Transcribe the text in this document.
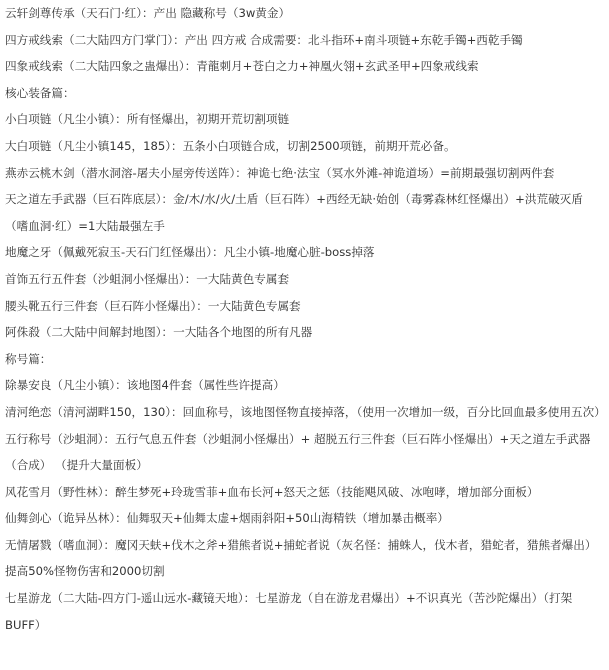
云轩剑尊传承（天石门·红）：产出 隐藏称号（3w黄金）
四方戒线索（二大陆四方门掌门）：产出 四方戒 合成需要：北斗指环+南斗项链+东乾手镯+西乾手镯
四象戒线索（二大陆四象之蛊爆出）：青龍刺月+苍白之力+神凰火翎+玄武圣甲+四象戒线索
核心装备篇：
小白项链（凡尘小镇）：所有怪爆出，初期开荒切割项链
大白项链（凡尘小镇145，185）：五条小白项链合成，切割2500项链，前期开荒必备。
燕赤云桃木剑（潜水洞溶-屠夫小屋旁传送阵）：神诡七绝·法宝（冥水外滩-神诡道场）=前期最强切割两件套
天之道左手武器（巨石阵底层）：金/木/水/火/土盾（巨石阵）+西经无缺·始创（毒雾森林红怪爆出）+洪荒破灭盾（嗜血洞·红）=1大陆最强左手
地魔之牙（佩戴死寂玉-天石门红怪爆出）：凡尘小镇-地魔心脏-boss掉落
首饰五行五件套（沙蛆洞小怪爆出）：一大陆黄色专属套
腰头靴五行三件套（巨石阵小怪爆出）：一大陆黄色专属套
阿侏殺（二大陆中间解封地图）：一大陆各个地图的所有凡器
称号篇：
除暴安良（凡尘小镇）：该地图4件套（属性些许提高）
清河绝恋（清河湖畔150，130）：回血称号，该地图怪物直接掉落，（使用一次增加一级，百分比回血最多使用五次）
五行称号（沙蛆洞）：五行气息五件套（沙蛆洞小怪爆出）+ 超脱五行三件套（巨石阵小怪爆出）+天之道左手武器（合成） （提升大量面板）
风花雪月（野性林）：醉生梦死+玲珑雪菲+血布长河+怒天之惩（技能飓风破、冰咆哮，增加部分面板）
仙舞剑心（诡异丛林）：仙舞驭天+仙舞太虚+烟雨斜阳+50山海精铁（增加暴击概率）
无情屠戮（嗜血洞）：魔冈天蚨+伐木之斧+猎熊者说+捕蛇者说（灰名怪：捕蛛人，伐木者，猎蛇者，猎熊者爆出）提高50%怪物伤害和2000切割
七星游龙（二大陆-四方门-遥山远水-藏镜天地）：七星游龙（自在游龙君爆出）+不识真光（苦沙陀爆出）（打架BUFF）
